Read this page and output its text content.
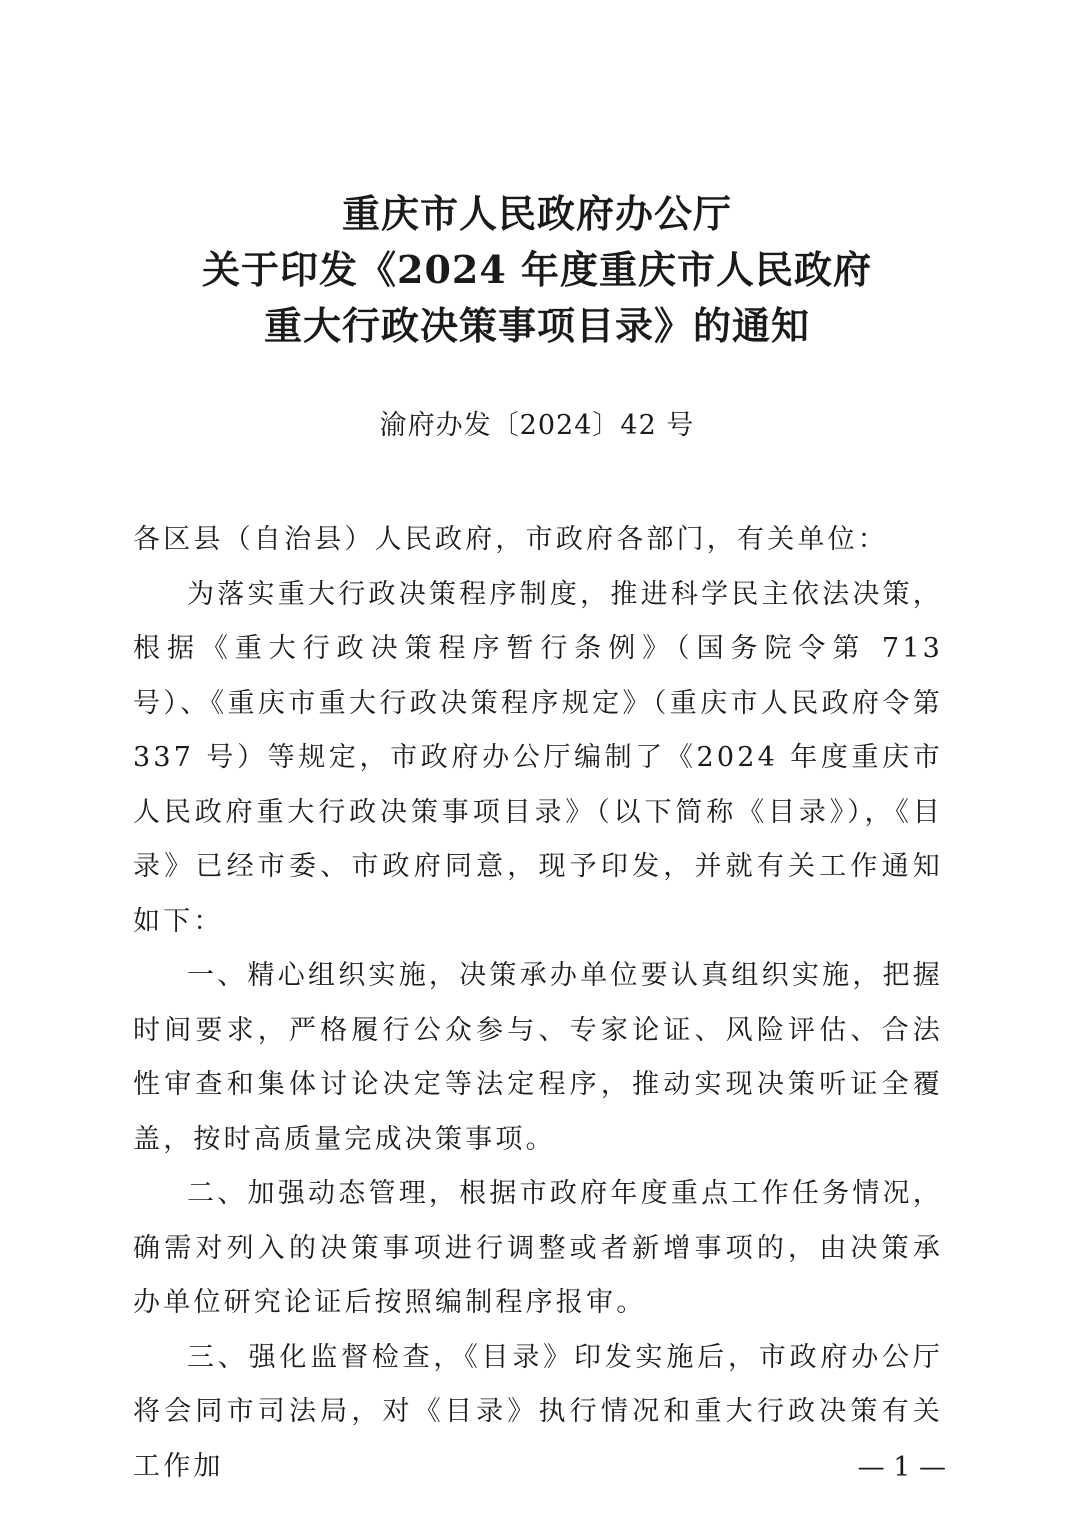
重庆市人民政府办公厅
关于印发《2024 年度重庆市人民政府
重大行政决策事项目录》的通知
渝府办发〔2024〕42 号

各区县（自治县）人民政府，市政府各部门，有关单位：

为落实重大行政决策程序制度，推进科学民主依法决策，根据《重大行政决策程序暂行条例》（国务院令第 713 号）、《重庆市重大行政决策程序规定》（重庆市人民政府令第 337 号）等规定，市政府办公厅编制了《2024 年度重庆市人民政府重大行政决策事项目录》（以下简称《目录》），《目录》已经市委、市政府同意，现予印发，并就有关工作通知如下：

一、精心组织实施，决策承办单位要认真组织实施，把握时间要求，严格履行公众参与、专家论证、风险评估、合法性审查和集体讨论决定等法定程序，推动实现决策听证全覆盖，按时高质量完成决策事项。

二、加强动态管理，根据市政府年度重点工作任务情况，确需对列入的决策事项进行调整或者新增事项的，由决策承办单位研究论证后按照编制程序报审。

三、强化监督检查，《目录》印发实施后，市政府办公厅将会同市司法局，对《目录》执行情况和重大行政决策有关工作加	— 1 —
